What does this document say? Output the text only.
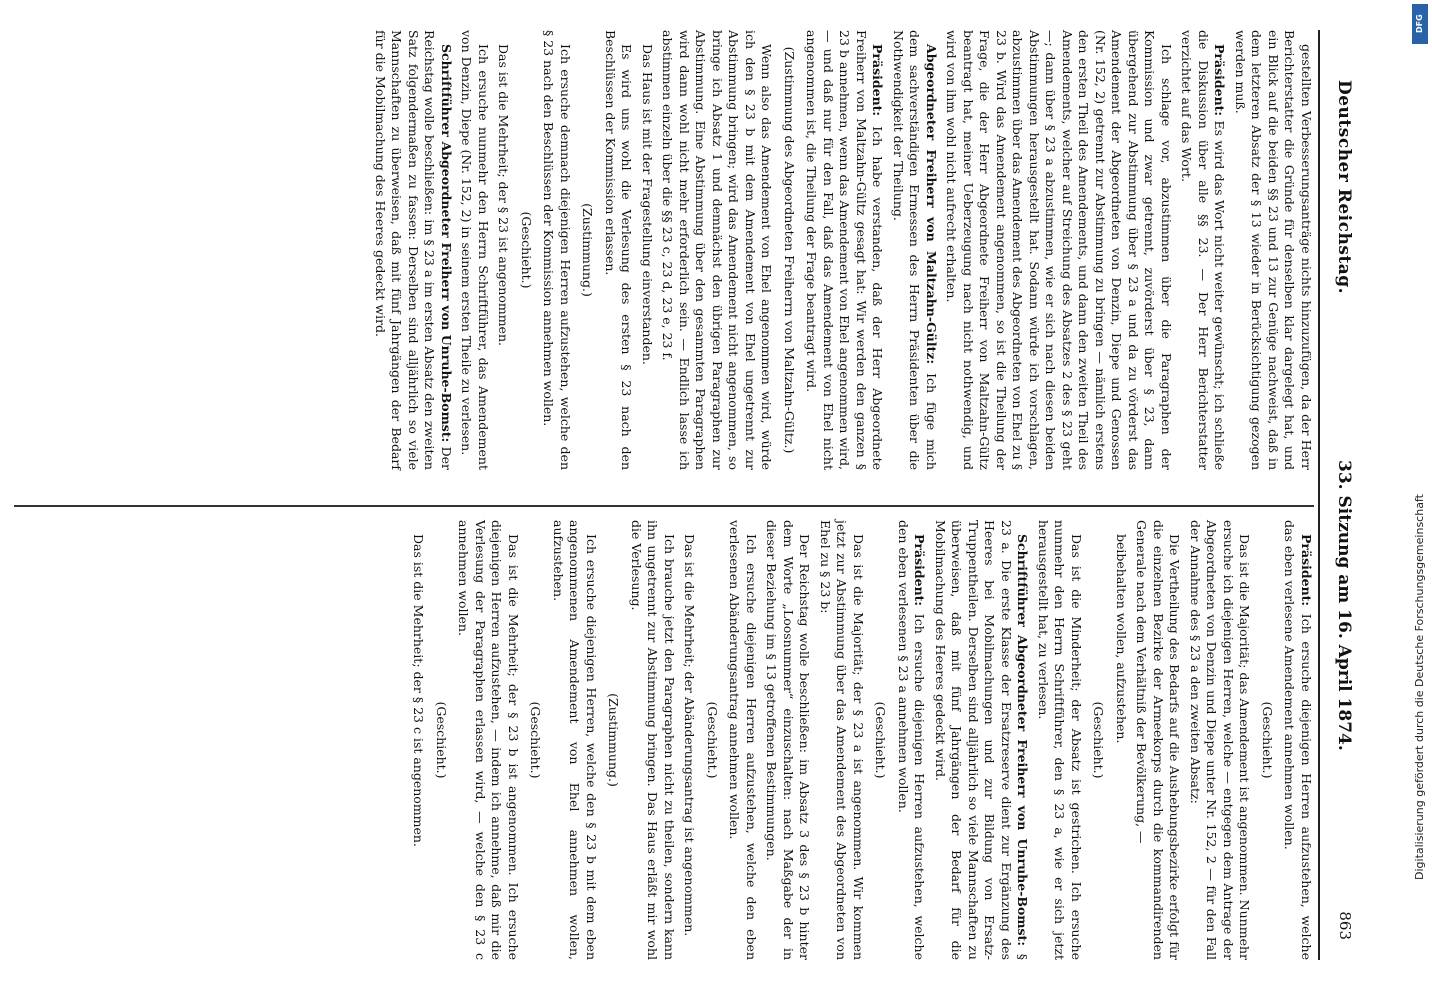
Deutscher Reichstag.
33. Sitzung am 16. April 1874.
863

gestellten Verbesserungsanträge nichts hinzuzufügen, da der Herr Berichterstatter die Gründe für denselben klar dargelegt hat, und ein Blick auf die beiden §§ 23 und 13 zur Genüge nachweist, daß in dem letzteren Absatz der § 13 wieder in Berücksichtigung gezogen werden muß.

Präsident: Es wird das Wort nicht weiter gewünscht; ich schließe die Diskussion über alle §§ 23. — Der Herr Berichterstatter verzichtet auf das Wort.

Ich schlage vor, abzustimmen über die Paragraphen der Kommission und zwar getrennt, zuvörderst über § 23, dann übergehend zur Abstimmung über § 23 a und da zu vörderst das Amendement der Abgeordneten von Denzin, Diepe und Genossen (Nr. 152, 2) getrennt zur Abstimmung zu bringen — nämlich erstens den ersten Theil des Amendements, und dann den zweiten Theil des Amendements, welcher auf Streichung des Absatzes 2 des § 23 geht —; dann über § 23 a abzustimmen, wie er sich nach diesen beiden Abstimmungen herausgestellt hat. Sodann würde ich vorschlagen, abzustimmen über das Amendement des Abgeordneten von Ehel zu § 23 b. Wird das Amendement angenommen, so ist die Theilung der Frage, die der Herr Abgeordnete Freiherr von Maltzahn-Gültz beantragt hat, meiner Ueberzeugung nach nicht nothwendig, und wird von ihm wohl nicht aufrecht erhalten.

Abgeordneter Freiherr von Maltzahn-Gültz: Ich füge mich dem sachverständigen Ermessen des Herrn Präsidenten über die Nothwendigkeit der Theilung.

Präsident: Ich habe verstanden, daß der Herr Abgeordnete Freiherr von Maltzahn-Gültz gesagt hat: Wir werden den ganzen § 23 b annehmen, wenn das Amendement von Ehel angenommen wird, — und daß nur für den Fall, daß das Amendement von Ehel nicht angenommen ist, die Theilung der Frage beantragt wird.

(Zustimmung des Abgeordneten Freiherrn von Maltzahn-Gültz.)

Wenn also das Amendement von Ehel angenommen wird, würde ich den § 23 b mit dem Amendement von Ehel ungetrennt zur Abstimmung bringen; wird das Amendement nicht angenommen, so bringe ich Absatz 1 und demnächst den übrigen Paragraphen zur Abstimmung. Eine Abstimmung über den gesammten Paragraphen wird dann wohl nicht mehr erforderlich sein. — Endlich lasse ich abstimmen einzeln über die §§ 23 c, 23 d, 23 e, 23 f.

Das Haus ist mit der Fragestellung einverstanden.

Es wird uns wohl die Verlesung des ersten § 23 nach den Beschlüssen der Kommission erlassen.

(Zustimmung.)

Ich ersuche demnach diejenigen Herren aufzustehen, welche den § 23 nach den Beschlüssen der Kommission annehmen wollen.

(Geschieht.)

Das ist die Mehrheit; der § 23 ist angenommen.

Ich ersuche nunmehr den Herrn Schriftführer, das Amendement von Denzin, Diepe (Nr. 152, 2) in seinem ersten Theile zu verlesen.

Schriftführer Abgeordneter Freiherr von Unruhe-Bomst: Der Reichstag wolle beschließen: im § 23 a im ersten Absatz den zweiten Satz folgendermaßen zu fassen: Derselben sind alljährlich so viele Mannschaften zu überweisen, daß mit fünf Jahrgängen der Bedarf für die Mobilmachung des Heeres gedeckt wird.

Präsident: Ich ersuche diejenigen Herren aufzustehen, welche das eben verlesene Amendement annehmen wollen.

(Geschieht.)

Das ist die Majorität; das Amendement ist angenommen. Nunmehr ersuche ich diejenigen Herren, welche — entgegen dem Antrage der Abgeordneten von Denzin und Diepe unter Nr. 152, 2 — für den Fall der Annahme des § 23 a den zweiten Absatz:

Die Vertheilung des Bedarfs auf die Aushebungsbezirke erfolgt für die einzelnen Bezirke der Armeekorps durch die kommandirenden Generale nach dem Verhältniß der Bevölkerung, —

beibehalten wollen, aufzustehen.

(Geschieht.)

Das ist die Minderheit; der Absatz ist gestrichen. Ich ersuche nunmehr den Herrn Schriftführer, den § 23 a, wie er sich jetzt herausgestellt hat, zu verlesen.

Schriftführer Abgeordneter Freiherr von Unruhe-Bomst: § 23 a. Die erste Klasse der Ersatzreserve dient zur Ergänzung des Heeres bei Mobilmachungen und zur Bildung von Ersatz-Truppentheilen. Derselben sind alljährlich so viele Mannschaften zu überweisen, daß mit fünf Jahrgängen der Bedarf für die Mobilmachung des Heeres gedeckt wird.

Präsident: Ich ersuche diejenigen Herren aufzustehen, welche den eben verlesenen § 23 a annehmen wollen.

(Geschieht.)

Das ist die Majorität; der § 23 a ist angenommen. Wir kommen jetzt zur Abstimmung über das Amendement des Abgeordneten von Ehel zu § 23 b:

Der Reichstag wolle beschließen: im Absatz 3 des § 23 b hinter dem Worte „Loosnummer“ einzuschalten: nach Maßgabe der in dieser Beziehung im § 13 getroffenen Bestimmungen.

Ich ersuche diejenigen Herren aufzustehen, welche den eben verlesenen Abänderungsantrag annehmen wollen.

(Geschieht.)

Das ist die Mehrheit; der Abänderungsantrag ist angenommen.

Ich brauche jetzt den Paragraphen nicht zu theilen, sondern kann ihn ungetrennt zur Abstimmung bringen. Das Haus erläßt mir wohl die Verlesung.

(Zustimmung.)

Ich ersuche diejenigen Herren, welche den § 23 b mit dem eben angenommenen Amendement von Ehel annehmen wollen, aufzustehen.

(Geschieht.)

Das ist die Mehrheit; der § 23 b ist angenommen. Ich ersuche diejenigen Herren aufzustehen, — indem ich annehme, daß mir die Verlesung der Paragraphen erlassen wird, — welche den § 23 c annehmen wollen.

(Geschieht.)

Das ist die Mehrheit; der § 23 c ist angenommen.	Digitalisierung gefördert durch die Deutsche Forschungsgemeinschaft
DFG
